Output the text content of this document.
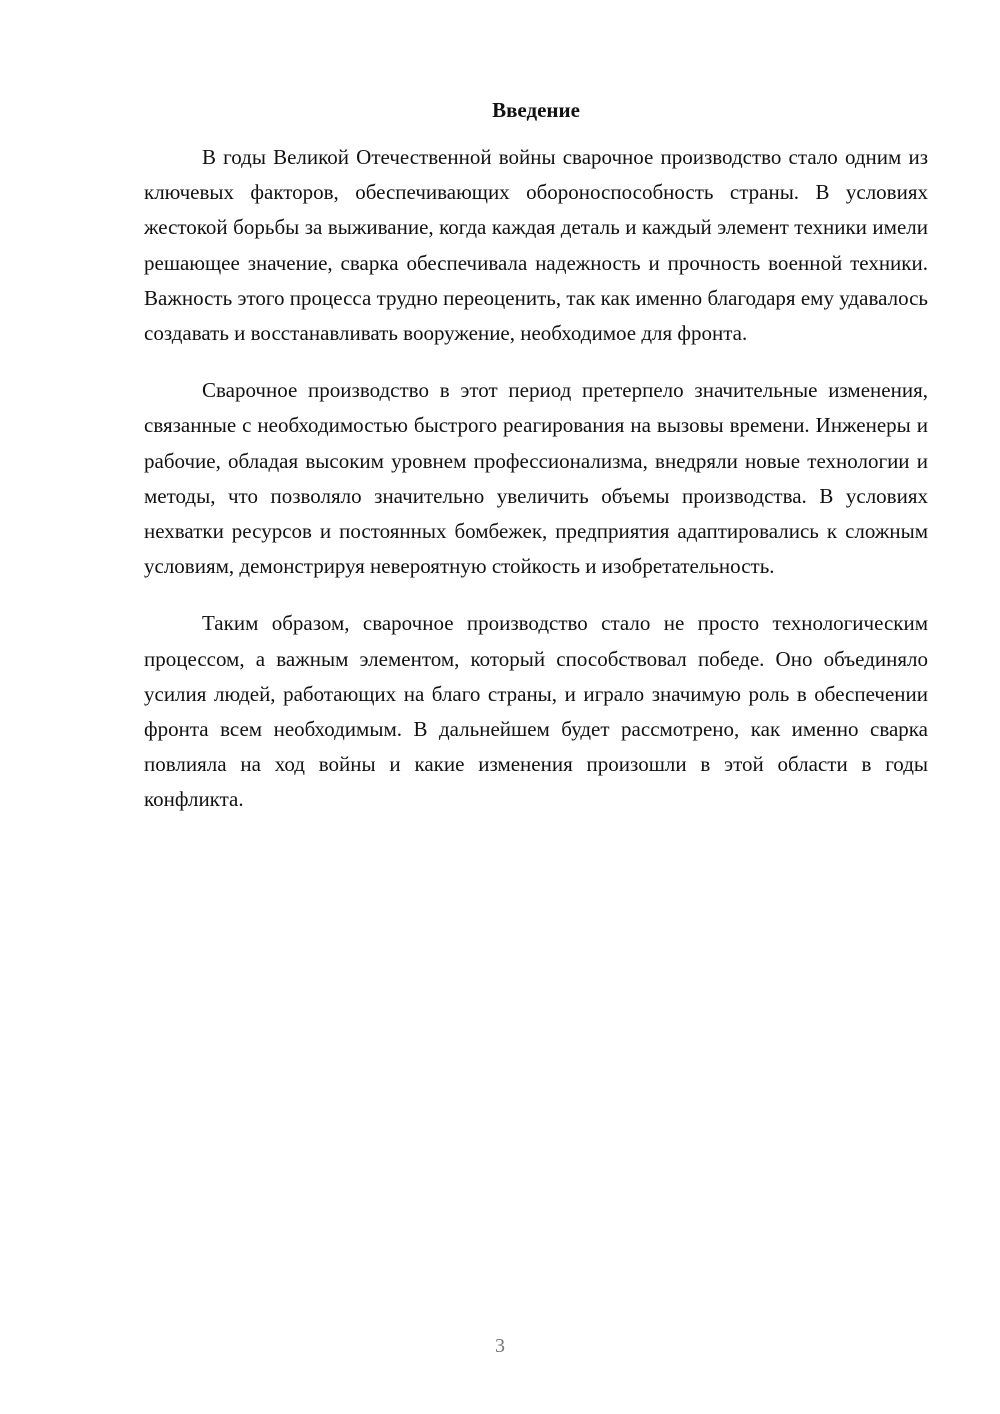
Введение

В годы Великой Отечественной войны сварочное производство стало одним из ключевых факторов, обеспечивающих обороноспособность страны. В условиях жестокой борьбы за выживание, когда каждая деталь и каждый элемент техники имели решающее значение, сварка обеспечивала надежность и прочность военной техники. Важность этого процесса трудно переоценить, так как именно благодаря ему удавалось создавать и восстанавливать вооружение, необходимое для фронта.

Сварочное производство в этот период претерпело значительные изменения, связанные с необходимостью быстрого реагирования на вызовы времени. Инженеры и рабочие, обладая высоким уровнем профессионализма, внедряли новые технологии и методы, что позволяло значительно увеличить объемы производства. В условиях нехватки ресурсов и постоянных бомбежек, предприятия адаптировались к сложным условиям, демонстрируя невероятную стойкость и изобретательность.

Таким образом, сварочное производство стало не просто технологическим процессом, а важным элементом, который способствовал победе. Оно объединяло усилия людей, работающих на благо страны, и играло значимую роль в обеспечении фронта всем необходимым. В дальнейшем будет рассмотрено, как именно сварка повлияла на ход войны и какие изменения произошли в этой области в годы конфликта.

3
